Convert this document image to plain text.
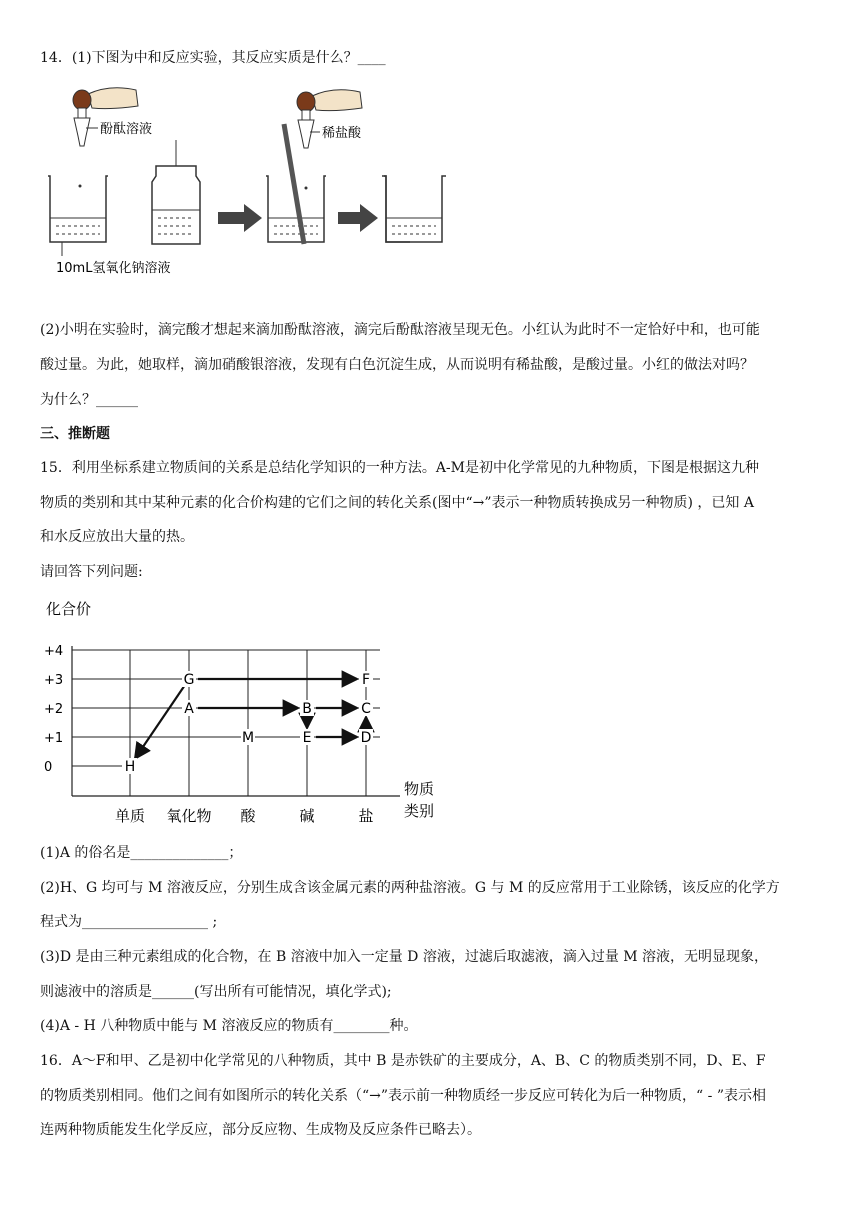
14．(1)下图为中和反应实验，其反应实质是什么？____
酚酞溶液
10mL氢氧化钠溶液
稀盐酸
(2)小明在实验时，滴完酸才想起来滴加酚酞溶液，滴完后酚酞溶液呈现无色。小红认为此时不一定恰好中和，也可能
酸过量。为此，她取样，滴加硝酸银溶液，发现有白色沉淀生成，从而说明有稀盐酸，是酸过量。小红的做法对吗？
为什么？______
三、推断题
15．利用坐标系建立物质间的关系是总结化学知识的一种方法。A-M是初中化学常见的九种物质，下图是根据这九种
物质的类别和其中某种元素的化合价构建的它们之间的转化关系(图中“→”表示一种物质转换成另一种物质) ，已知 A
和水反应放出大量的热。
请回答下列问题:
化合价
+4
+3
+2
+1
0
单质 氧化物 酸	碱	盐
H
G
A
M
B
E
F
C
D
物质
类别
(1)A 的俗名是______________；
(2)H、G 均可与 M 溶液反应，分别生成含该金属元素的两种盐溶液。G 与 M 的反应常用于工业除锈，该反应的化学方
程式为__________________ ;
(3)D 是由三种元素组成的化合物，在 B 溶液中加入一定量 D 溶液，过滤后取滤液，滴入过量 M 溶液，无明显现象，
则滤液中的溶质是______(写出所有可能情况，填化学式);
(4)A - H 八种物质中能与 M 溶液反应的物质有________种。
16．A～F和甲、乙是初中化学常见的八种物质，其中 B 是赤铁矿的主要成分，A、B、C 的物质类别不同，D、E、F
的物质类别相同。他们之间有如图所示的转化关系（“→”表示前一种物质经一步反应可转化为后一种物质，“ - ”表示相
连两种物质能发生化学反应，部分反应物、生成物及反应条件已略去）。
